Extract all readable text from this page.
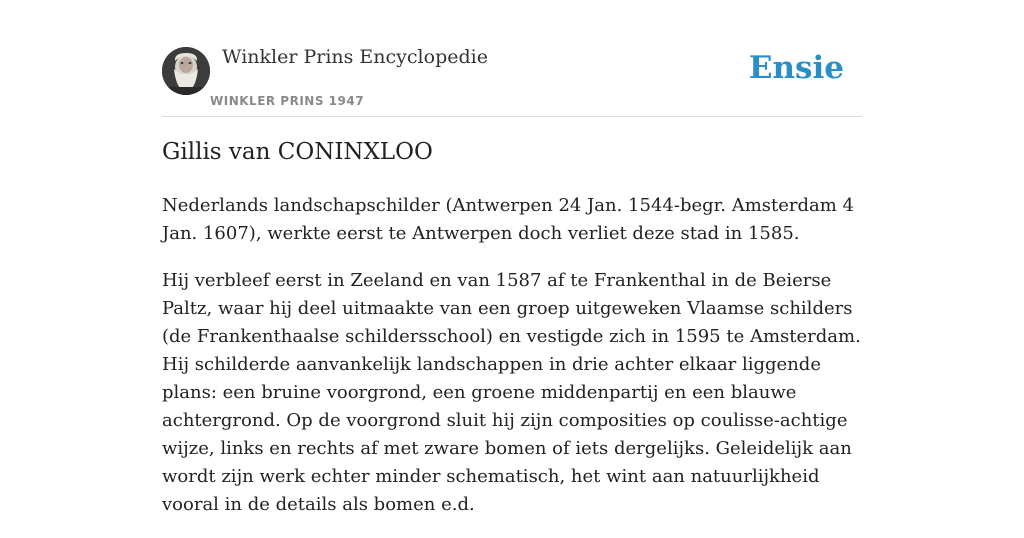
Winkler Prins Encyclopedie
WINKLER PRINS 1947
Ensie
Gillis van CONINXLOO

Nederlands landschapschilder (Antwerpen 24 Jan. 1544-begr. Amsterdam 4 Jan. 1607), werkte eerst te Antwerpen doch verliet deze stad in 1585.

Hij verbleef eerst in Zeeland en van 1587 af te Frankenthal in de Beierse Paltz, waar hij deel uitmaakte van een groep uitgeweken Vlaamse schilders (de Frankenthaalse schildersschool) en vestigde zich in 1595 te Amsterdam. Hij schilderde aanvankelijk landschappen in drie achter elkaar liggende plans: een bruine voorgrond, een groene middenpartij en een blauwe achtergrond. Op de voorgrond sluit hij zijn composities op coulisse-achtige wijze, links en rechts af met zware bomen of iets dergelijks. Geleidelijk aan wordt zijn werk echter minder schematisch, het wint aan natuurlijkheid vooral in de details als bomen e.d.
